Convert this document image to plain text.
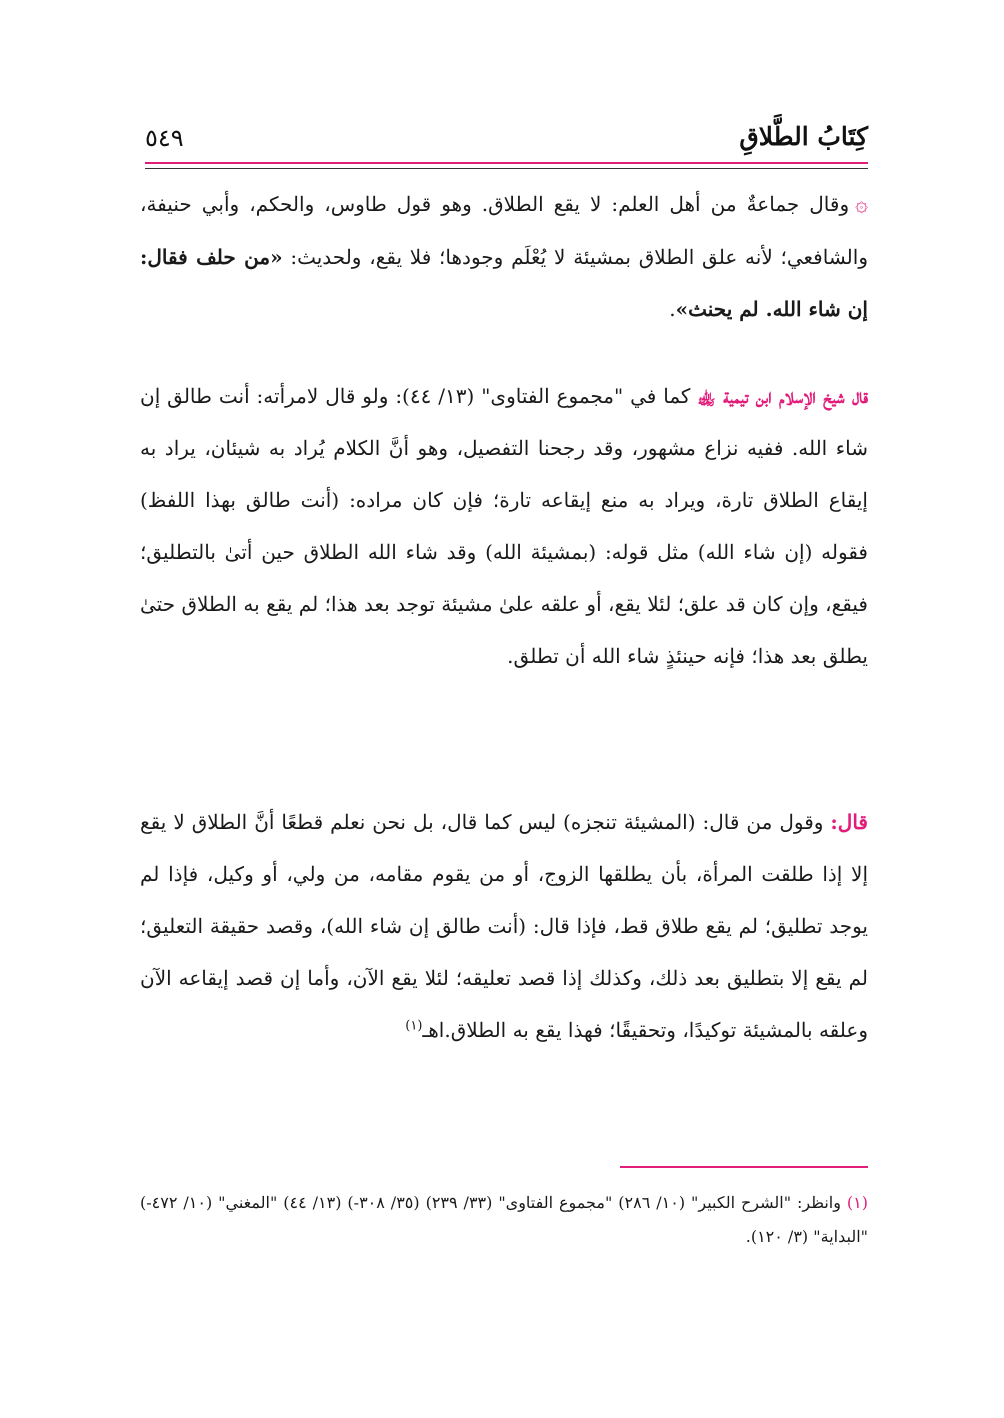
كِتَابُ الطَّلاقِ
٥٤٩
۞وقال جماعةٌ من أهل العلم: لا يقع الطلاق. وهو قول طاوس، والحكم، وأبي حنيفة، والشافعي؛ لأنه علق الطلاق بمشيئة لا يُعْلَم وجودها؛ فلا يقع، ولحديث: «من حلف فقال: إن شاء الله. لم يحنث».
قال شيخ الإسلام ابن تيمية ﵀ كما في "مجموع الفتاوى" (١٣/ ٤٤): ولو قال لامرأته: أنت طالق إن شاء الله. ففيه نزاع مشهور، وقد رجحنا التفصيل، وهو أنَّ الكلام يُراد به شيئان، يراد به إيقاع الطلاق تارة، ويراد به منع إيقاعه تارة؛ فإن كان مراده: (أنت طالق بهذا اللفظ) فقوله (إن شاء الله) مثل قوله: (بمشيئة الله) وقد شاء الله الطلاق حين أتىٰ بالتطليق؛ فيقع، وإن كان قد علق؛ لئلا يقع، أو علقه علىٰ مشيئة توجد بعد هذا؛ لم يقع به الطلاق حتىٰ يطلق بعد هذا؛ فإنه حينئذٍ شاء الله أن تطلق.
قال: وقول من قال: (المشيئة تنجزه) ليس كما قال، بل نحن نعلم قطعًا أنَّ الطلاق لا يقع إلا إذا طلقت المرأة، بأن يطلقها الزوج، أو من يقوم مقامه، من ولي، أو وكيل، فإذا لم يوجد تطليق؛ لم يقع طلاق قط، فإذا قال: (أنت طالق إن شاء الله)، وقصد حقيقة التعليق؛ لم يقع إلا بتطليق بعد ذلك، وكذلك إذا قصد تعليقه؛ لئلا يقع الآن، وأما إن قصد إيقاعه الآن وعلقه بالمشيئة توكيدًا، وتحقيقًا؛ فهذا يقع به الطلاق.اهـ$^{(١)}$
(١) وانظر: "الشرح الكبير" (١٠/ ٢٨٦) "مجموع الفتاوى" (٣٣/ ٢٣٩) (٣٥/ ٣٠٨-) (١٣/ ٤٤) "المغني" (١٠/ ٤٧٢-) "البداية" (٣/ ١٢٠).
